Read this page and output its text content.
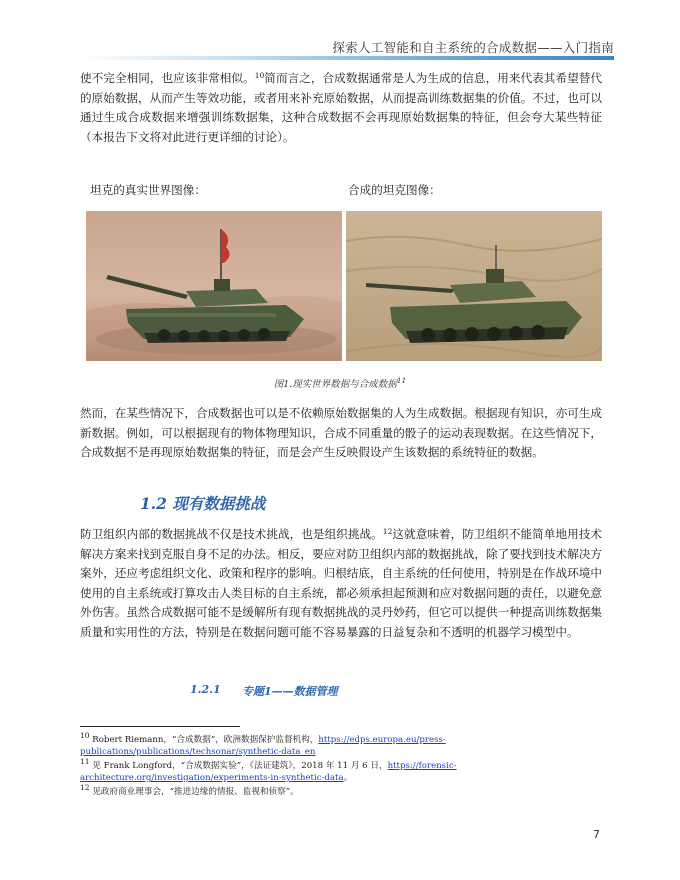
探索人工智能和自主系统的合成数据——入门指南
使不完全相同，也应该非常相似。$^{10}$简而言之，合成数据通常是人为生成的信息，用来代表其希望替代的原始数据，从而产生等效功能，或者用来补充原始数据，从而提高训练数据集的价值。不过，也可以通过生成合成数据来增强训练数据集，这种合成数据不会再现原始数据集的特征，但会夸大某些特征（本报告下文将对此进行更详细的讨论）。
坦克的真实世界图像：	合成的坦克图像：
图1.现实世界数据与合成数据$^{11}$
然而，在某些情况下，合成数据也可以是不依赖原始数据集的人为生成数据。根据现有知识，亦可生成新数据。例如，可以根据现有的物体物理知识，合成不同重量的骰子的运动表现数据。在这些情况下，合成数据不是再现原始数据集的特征，而是会产生反映假设产生该数据的系统特征的数据。
1.2 现有数据挑战
防卫组织内部的数据挑战不仅是技术挑战，也是组织挑战。$^{12}$这就意味着，防卫组织不能简单地用技术解决方案来找到克服自身不足的办法。相反，要应对防卫组织内部的数据挑战，除了要找到技术解决方案外，还应考虑组织文化、政策和程序的影响。归根结底，自主系统的任何使用，特别是在作战环境中使用的自主系统或打算攻击人类目标的自主系统，都必须承担起预测和应对数据问题的责任，以避免意外伤害。虽然合成数据可能不是缓解所有现有数据挑战的灵丹妙药，但它可以提供一种提高训练数据集质量和实用性的方法，特别是在数据问题可能不容易暴露的日益复杂和不透明的机器学习模型中。
1.2.1 专题1——数据管理
$^{10}$ Robert Riemann，“合成数据”，欧洲数据保护监督机构，https://edps.europa.eu/press-publications/publications/techsonar/synthetic-data_en
$^{11}$ 见 Frank Longford，“合成数据实验”，《法证建筑》，2018 年 11 月 6 日，https://forensic-architecture.org/investigation/experiments-in-synthetic-data。
$^{12}$ 见政府商业理事会，“推进边缘的情报、监视和侦察”。
7
